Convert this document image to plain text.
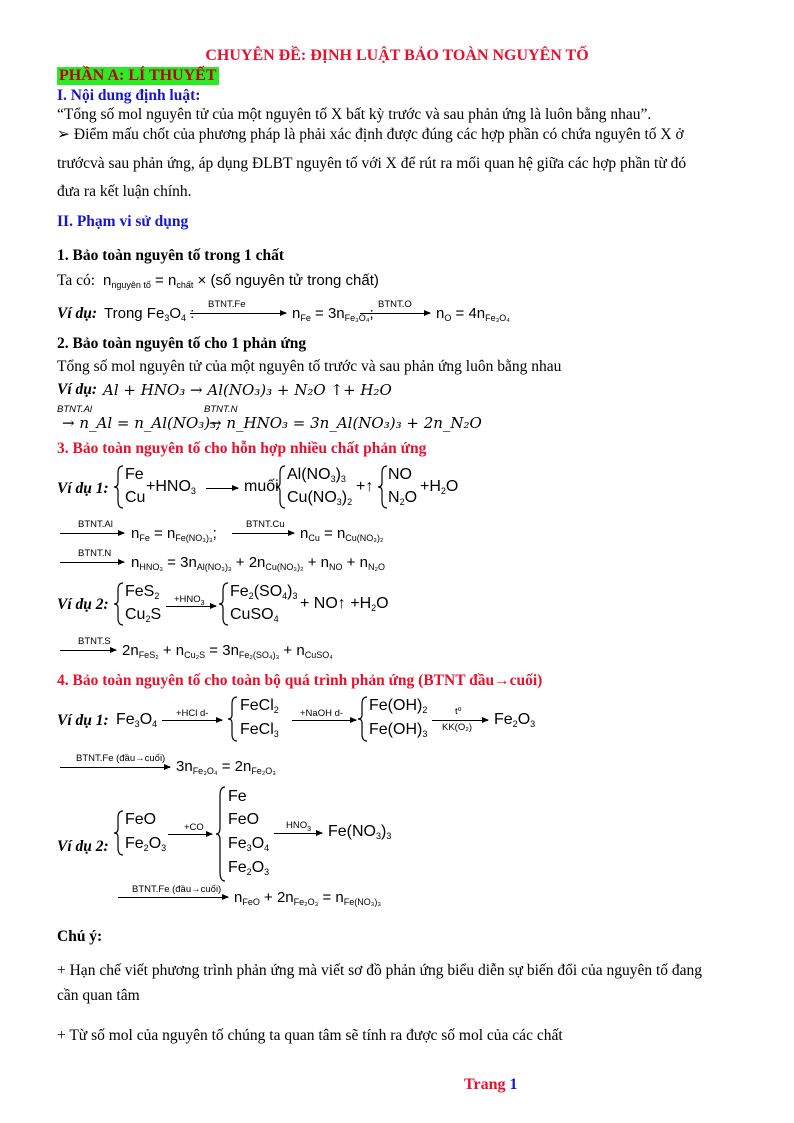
CHUYÊN ĐỀ: ĐỊNH LUẬT BẢO TOÀN NGUYÊN TỐ
PHẦN A: LÍ THUYẾT
I. Nội dung định luật:
“Tổng số mol nguyên tử của một nguyên tố X bất kỳ trước và sau phản ứng là luôn bằng nhau”.
➢ Điểm mấu chốt của phương pháp là phải xác định được đúng các hợp phần có chứa nguyên tố X ở
trướcvà sau phản ứng, áp dụng ĐLBT nguyên tố với X để rút ra mối quan hệ giữa các hợp phần từ đó
đưa ra kết luận chính.
II. Phạm vi sử dụng
1. Bảo toàn nguyên tố trong 1 chất
Ta có: $n_{nguyên tố} = n_{chất}$ × (số nguyên tử trong chất)
Ví dụ: Trong $Fe_3O_4$ :
BTNT.Fe
$n_{Fe} = 3n_{Fe_3O_4}$;
BTNT.O
$n_O = 4n_{Fe_3O_4}$
2. Bảo toàn nguyên tố cho 1 phản ứng
Tổng số mol nguyên tử của một nguyên tố trước và sau phản ứng luôn bằng nhau
Ví dụ: Al + HNO₃ → Al(NO₃)₃ + N₂O ↑+ H₂O
BTNT.Al
→ n_Al = n_Al(NO₃)₃;
BTNT.N
→ n_HNO₃ = 3n_Al(NO₃)₃ + 2n_N₂O
3. Bảo toàn nguyên tố cho hỗn hợp nhiều chất phản ứng
Ví dụ 1:
Fe
Cu
$+HNO_3$	muối
$Al(NO_3)_3$
$Cu(NO_3)_2$
+↑
NO
$N_2O$
$+H_2O$
BTNT.Al
$n_{Fe} = n_{Fe(NO_3)_3}$;
BTNT.Cu
$n_{Cu} = n_{Cu(NO_3)_2}$
BTNT.N
$n_{HNO_3} = 3n_{Al(NO_3)_3} + 2n_{Cu(NO_3)_2} + n_{NO} + n_{N_2O}$
Ví dụ 2:
FeS$_2$
$Cu_2S$
$+HNO_3$
$Fe_2(SO_4)_3$
CuSO$_4$
+ NO↑ $+H_2O$
BTNT.S
$2n_{FeS_2} + n_{Cu_2S} = 3n_{Fe_2(SO_4)_3} + n_{CuSO_4}$
4. Bảo toàn nguyên tố cho toàn bộ quá trình phản ứng (BTNT đầu→cuối)
Ví dụ 1: $Fe_3O_4$
+HCl d- FeCl$_2$
FeCl$_3$
+NaOH d- $Fe(OH)_2$
$Fe(OH)_3$
t⁰
KK(O₂) $Fe_2O_3$
BTNT.Fe (đầu→cuối) $3n_{Fe_3O_4} = 2n_{Fe_2O_3}$
Ví dụ 2:
FeO
$Fe_2O_3$
+CO
Fe
FeO
$Fe_3O_4$
$Fe_2O_3$
$HNO_3$ $Fe(NO_3)_3$
BTNT.Fe (đầu→cuối) $n_{FeO} + 2n_{Fe_2O_3} = n_{Fe(NO_3)_3}$
Chú ý:
+ Hạn chế viết phương trình phản ứng mà viết sơ đồ phản ứng biểu diễn sự biến đổi của nguyên tố đang
cần quan tâm
+ Từ số mol của nguyên tố chúng ta quan tâm sẽ tính ra được số mol của các chất
Trang 1
